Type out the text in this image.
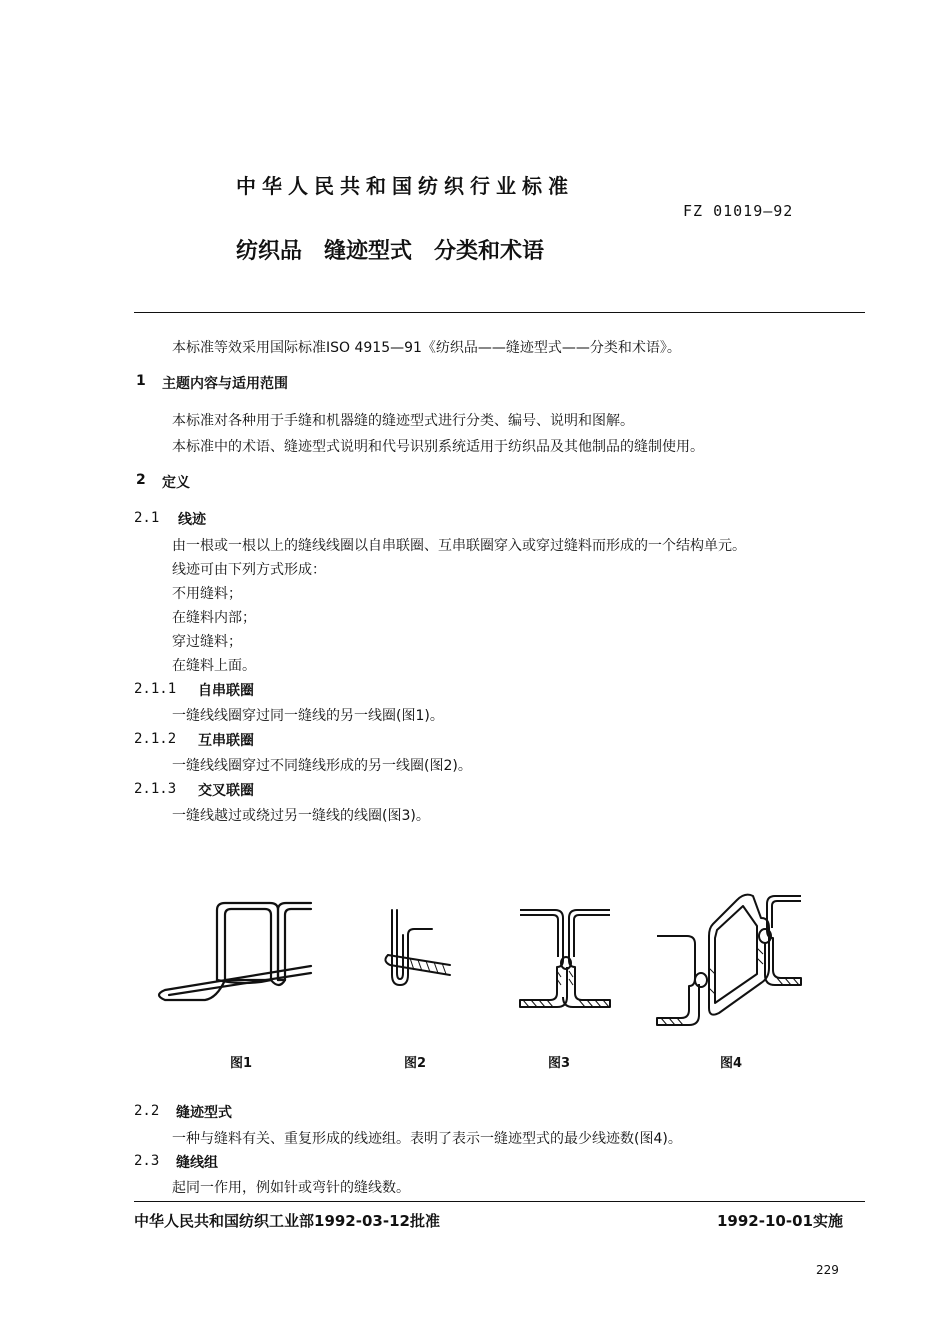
中华人民共和国纺织行业标准
FZ 01019—92
纺织品　缝迹型式　分类和术语
本标准等效采用国际标准ISO 4915—91《纺织品——缝迹型式——分类和术语》。
1 主题内容与适用范围
本标准对各种用于手缝和机器缝的缝迹型式进行分类、编号、说明和图解。
本标准中的术语、缝迹型式说明和代号识别系统适用于纺织品及其他制品的缝制使用。
2 定义
2.1 线迹
由一根或一根以上的缝线线圈以自串联圈、互串联圈穿入或穿过缝料而形成的一个结构单元。
线迹可由下列方式形成：
不用缝料；
在缝料内部；
穿过缝料；
在缝料上面。
2.1.1 自串联圈
一缝线线圈穿过同一缝线的另一线圈(图1)。
2.1.2 互串联圈
一缝线线圈穿过不同缝线形成的另一线圈(图2)。
2.1.3 交叉联圈
一缝线越过或绕过另一缝线的线圈(图3)。
图1	图2	图3	图4
2.2 缝迹型式
一种与缝料有关、重复形成的线迹组。表明了表示一缝迹型式的最少线迹数(图4)。
2.3 缝线组
起同一作用，例如针或弯针的缝线数。
中华人民共和国纺织工业部1992-03-12批准	1992-10-01实施
229
